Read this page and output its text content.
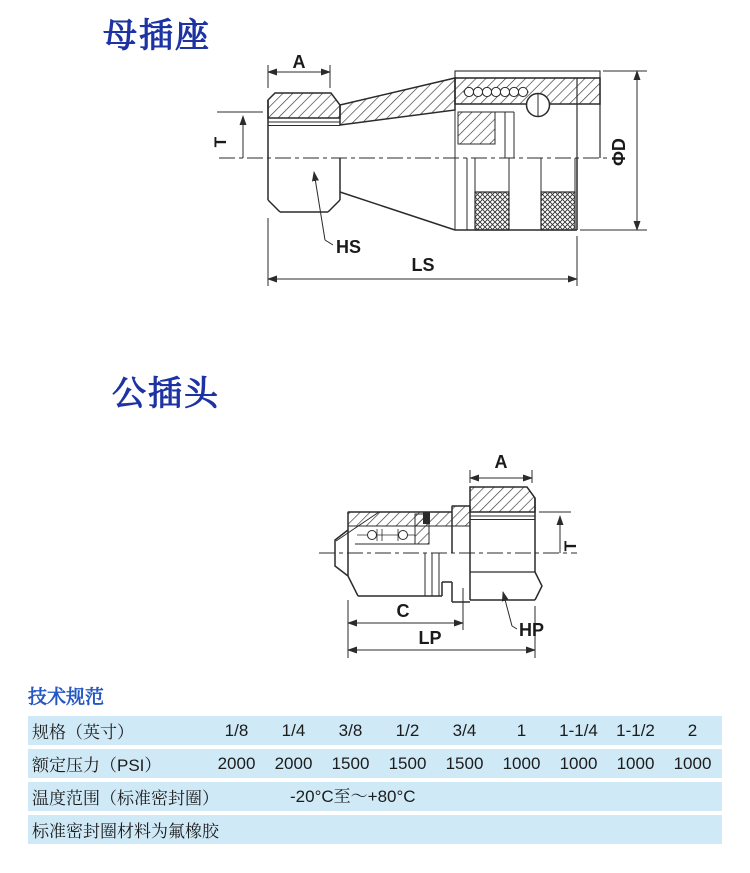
母插座
A
T	ΦD
HS
LS
公插头
A
T
C
HP
LP
技术规范
规格（英寸）	1/8	1/4	3/8	1/2	3/4	1	1-1/4	1-1/2	2
额定压力（PSI）	2000	2000	1500	1500	1500	1000	1000	1000	1000
温度范围（标准密封圈）	-20°C至～+80°C
标准密封圈材料为氟橡胶
